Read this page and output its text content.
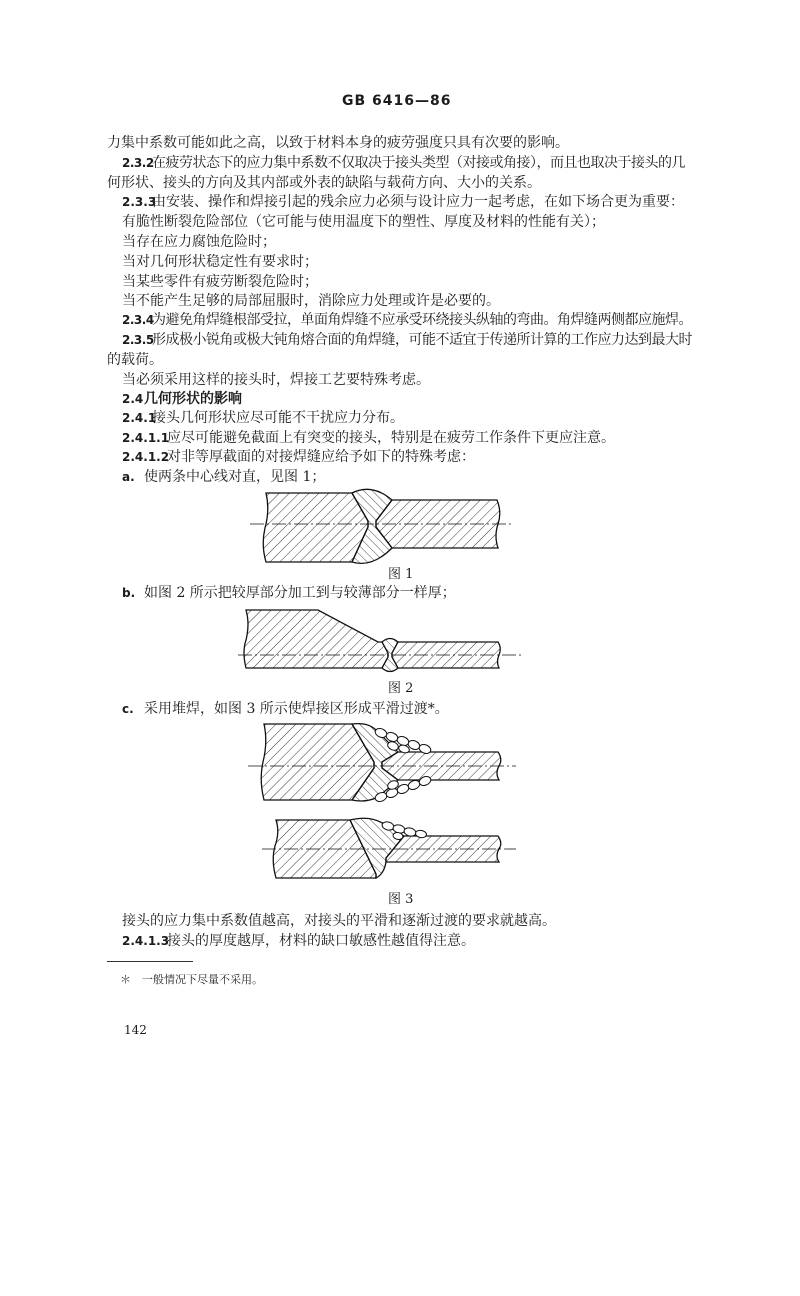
GB 6416—86
力集中系数可能如此之高，以致于材料本身的疲劳强度只具有次要的影响。
2.3.2在疲劳状态下的应力集中系数不仅取决于接头类型（对接或角接），而且也取决于接头的几
何形状、接头的方向及其内部或外表的缺陷与载荷方向、大小的关系。
2.3.3由安装、操作和焊接引起的残余应力必须与设计应力一起考虑，在如下场合更为重要：
有脆性断裂危险部位（它可能与使用温度下的塑性、厚度及材料的性能有关）；
当存在应力腐蚀危险时；
当对几何形状稳定性有要求时；
当某些零件有疲劳断裂危险时；
当不能产生足够的局部屈服时，消除应力处理或许是必要的。
2.3.4为避免角焊缝根部受拉，单面角焊缝不应承受环绕接头纵轴的弯曲。角焊缝两侧都应施焊。
2.3.5形成极小锐角或极大钝角熔合面的角焊缝，可能不适宜于传递所计算的工作应力达到最大时
的载荷。
当必须采用这样的接头时，焊接工艺要特殊考虑。
2.4几何形状的影响
2.4.1接头几何形状应尽可能不干扰应力分布。
2.4.1.1应尽可能避免截面上有突变的接头，特别是在疲劳工作条件下更应注意。
2.4.1.2对非等厚截面的对接焊缝应给予如下的特殊考虑：
a. 使两条中心线对直，见图 1；
图 1
b. 如图 2 所示把较厚部分加工到与较薄部分一样厚；
图 2
c. 采用堆焊，如图 3 所示使焊接区形成平滑过渡*。
图 3
接头的应力集中系数值越高，对接头的平滑和逐渐过渡的要求就越高。
2.4.1.3接头的厚度越厚，材料的缺口敏感性越值得注意。
＊ 一般情况下尽量不采用。
142
